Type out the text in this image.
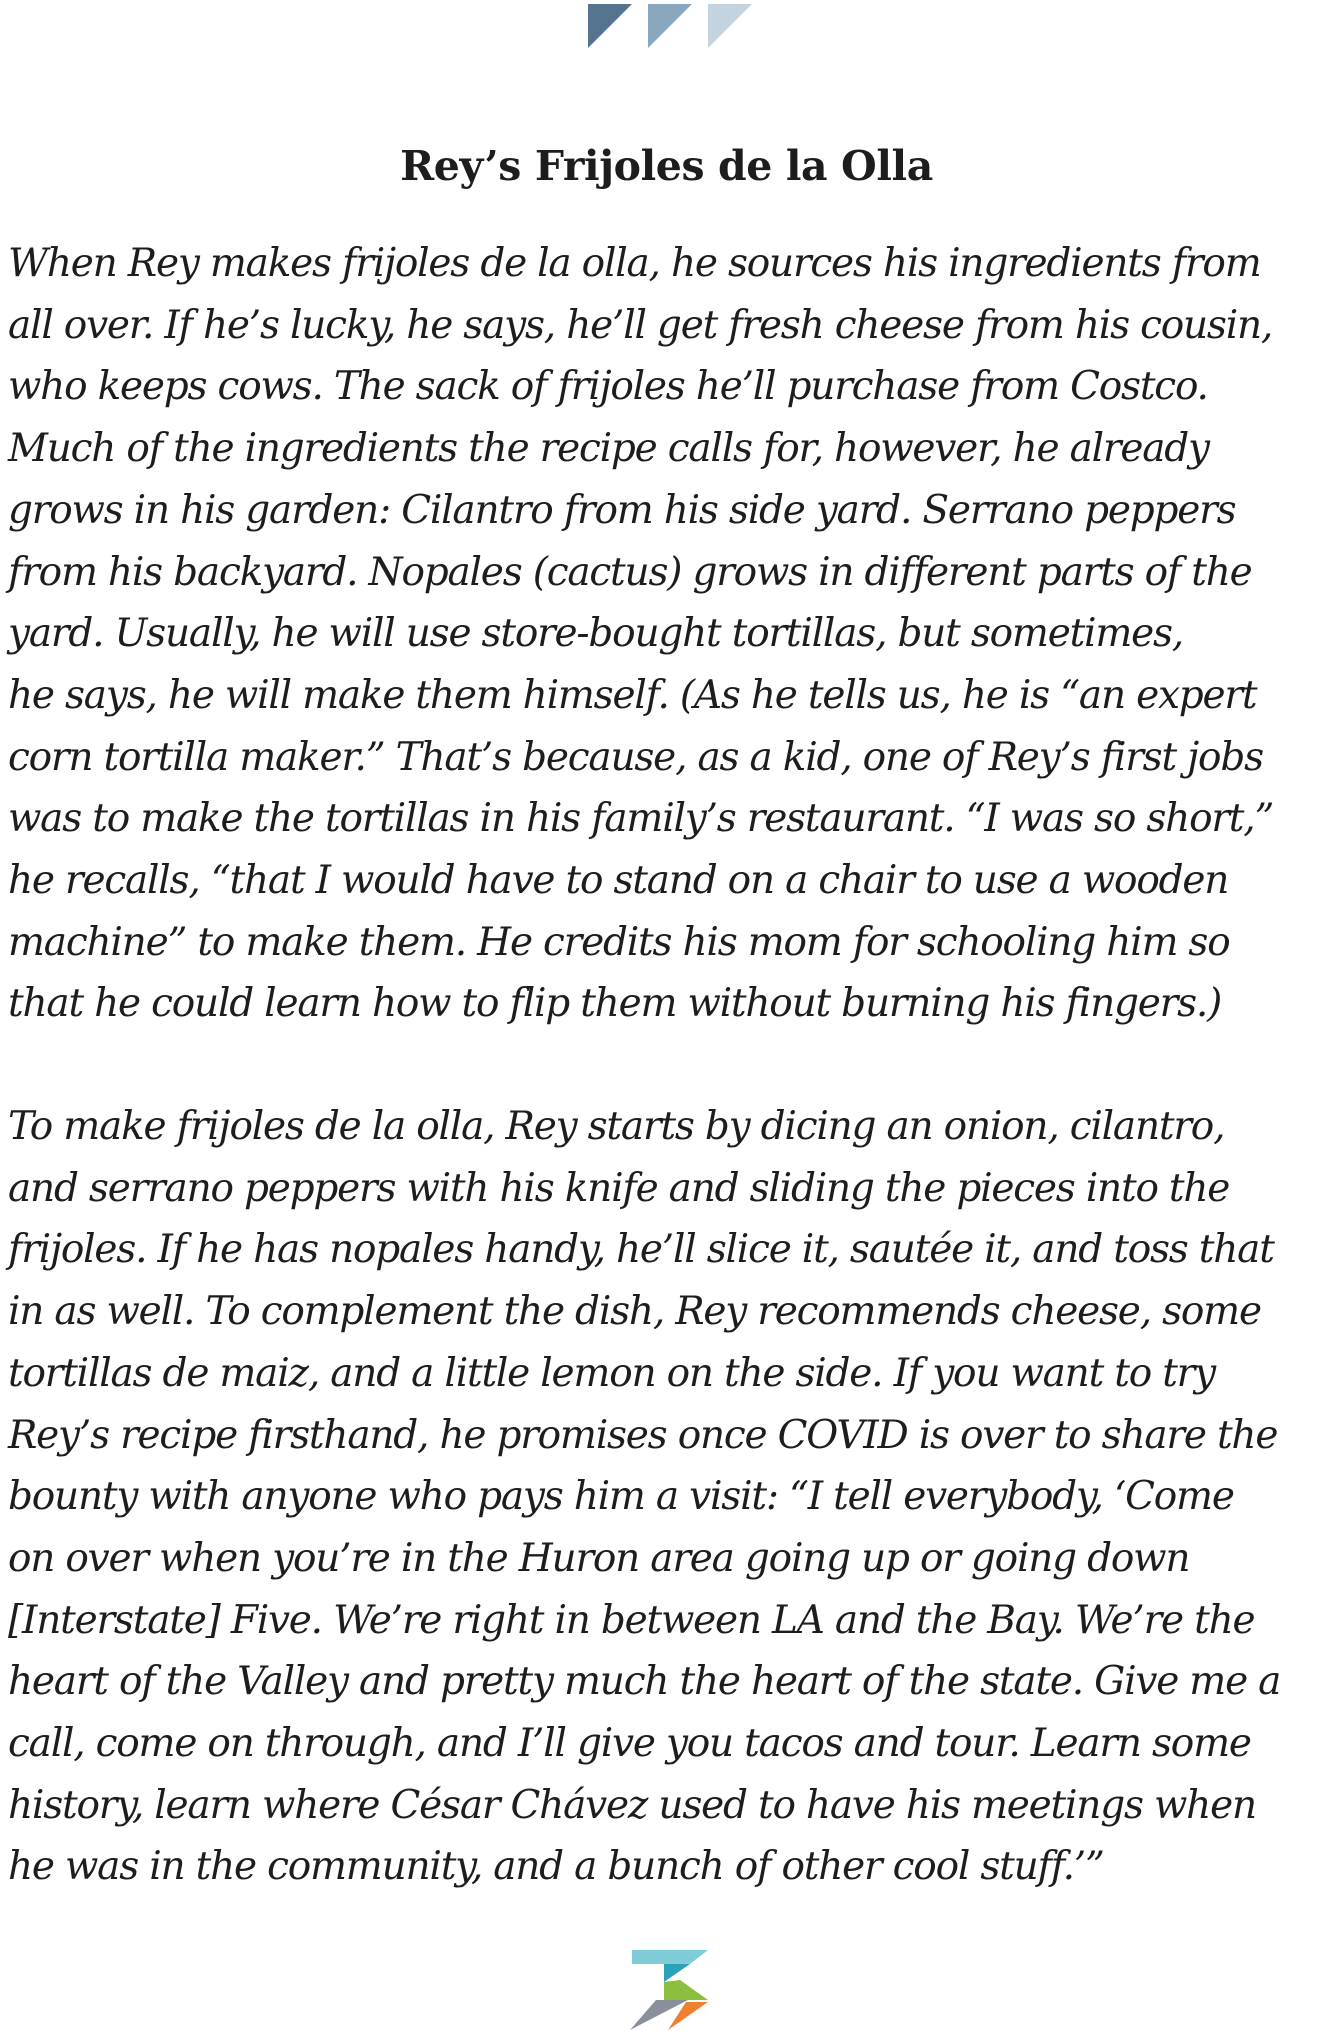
Rey’s Frijoles de la Olla
When Rey makes frijoles de la olla, he sources his ingredients from
all over. If he’s lucky, he says, he’ll get fresh cheese from his cousin,
who keeps cows. The sack of frijoles he’ll purchase from Costco.
Much of the ingredients the recipe calls for, however, he already
grows in his garden: Cilantro from his side yard. Serrano peppers
from his backyard. Nopales (cactus) grows in different parts of the
yard. Usually, he will use store-bought tortillas, but sometimes,
he says, he will make them himself. (As he tells us, he is “an expert
corn tortilla maker.” That’s because, as a kid, one of Rey’s first jobs
was to make the tortillas in his family’s restaurant. “I was so short,”
he recalls, “that I would have to stand on a chair to use a wooden
machine” to make them. He credits his mom for schooling him so
that he could learn how to flip them without burning his fingers.)
To make frijoles de la olla, Rey starts by dicing an onion, cilantro,
and serrano peppers with his knife and sliding the pieces into the
frijoles. If he has nopales handy, he’ll slice it, sautée it, and toss that
in as well. To complement the dish, Rey recommends cheese, some
tortillas de maiz, and a little lemon on the side. If you want to try
Rey’s recipe firsthand, he promises once COVID is over to share the
bounty with anyone who pays him a visit: “I tell everybody, ‘Come
on over when you’re in the Huron area going up or going down
[Interstate] Five. We’re right in between LA and the Bay. We’re the
heart of the Valley and pretty much the heart of the state. Give me a
call, come on through, and I’ll give you tacos and tour. Learn some
history, learn where César Chávez used to have his meetings when
he was in the community, and a bunch of other cool stuff.’”
